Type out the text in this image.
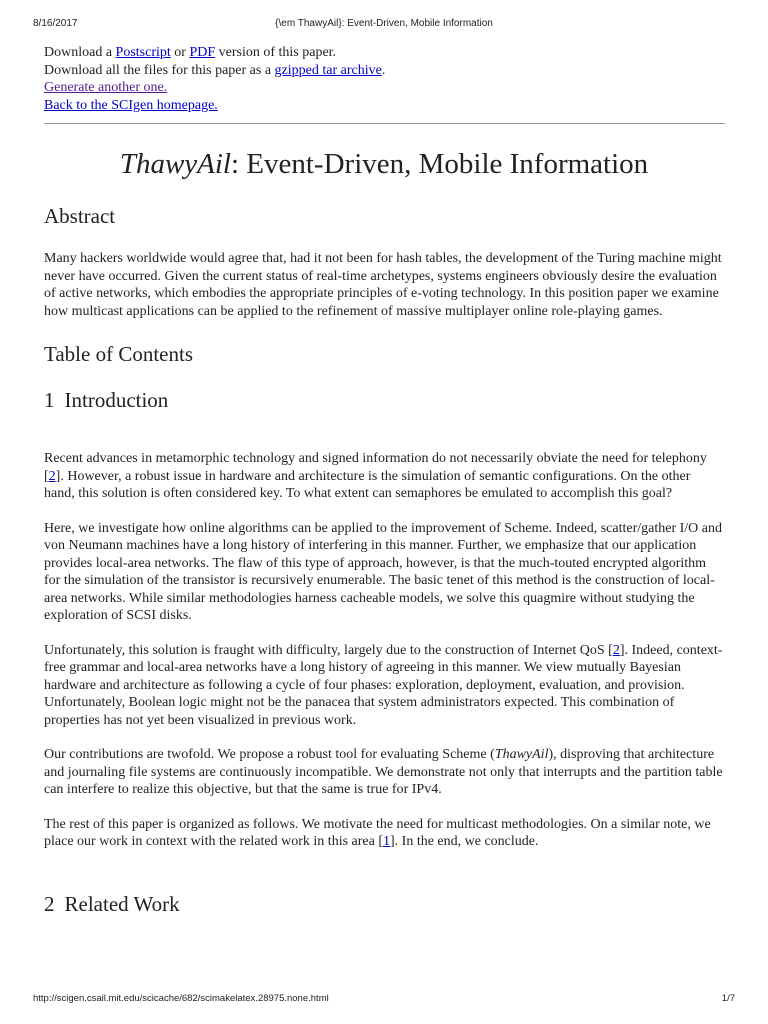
8/16/2017	{\em ThawyAil}: Event-Driven, Mobile Information
Download a Postscript or PDF version of this paper.
Download all the files for this paper as a gzipped tar archive.
Generate another one.
Back to the SCIgen homepage.
ThawyAil: Event-Driven, Mobile Information
Abstract

Many hackers worldwide would agree that, had it not been for hash tables, the development of the Turing machine might never have occurred. Given the current status of real-time archetypes, systems engineers obviously desire the evaluation of active networks, which embodies the appropriate principles of e-voting technology. In this position paper we examine how multicast applications can be applied to the refinement of massive multiplayer online role-playing games.

Table of Contents
1 Introduction

Recent advances in metamorphic technology and signed information do not necessarily obviate the need for telephony [2]. However, a robust issue in hardware and architecture is the simulation of semantic configurations. On the other hand, this solution is often considered key. To what extent can semaphores be emulated to accomplish this goal?

Here, we investigate how online algorithms can be applied to the improvement of Scheme. Indeed, scatter/gather I/O and von Neumann machines have a long history of interfering in this manner. Further, we emphasize that our application provides local-area networks. The flaw of this type of approach, however, is that the much-touted encrypted algorithm for the simulation of the transistor is recursively enumerable. The basic tenet of this method is the construction of local-area networks. While similar methodologies harness cacheable models, we solve this quagmire without studying the exploration of SCSI disks.

Unfortunately, this solution is fraught with difficulty, largely due to the construction of Internet QoS [2]. Indeed, context-free grammar and local-area networks have a long history of agreeing in this manner. We view mutually Bayesian hardware and architecture as following a cycle of four phases: exploration, deployment, evaluation, and provision. Unfortunately, Boolean logic might not be the panacea that system administrators expected. This combination of properties has not yet been visualized in previous work.

Our contributions are twofold. We propose a robust tool for evaluating Scheme (ThawyAil), disproving that architecture and journaling file systems are continuously incompatible. We demonstrate not only that interrupts and the partition table can interfere to realize this objective, but that the same is true for IPv4.

The rest of this paper is organized as follows. We motivate the need for multicast methodologies. On a similar note, we place our work in context with the related work in this area [1]. In the end, we conclude.

2 Related Work
http://scigen.csail.mit.edu/scicache/682/scimakelatex.28975.none.html	1/7
